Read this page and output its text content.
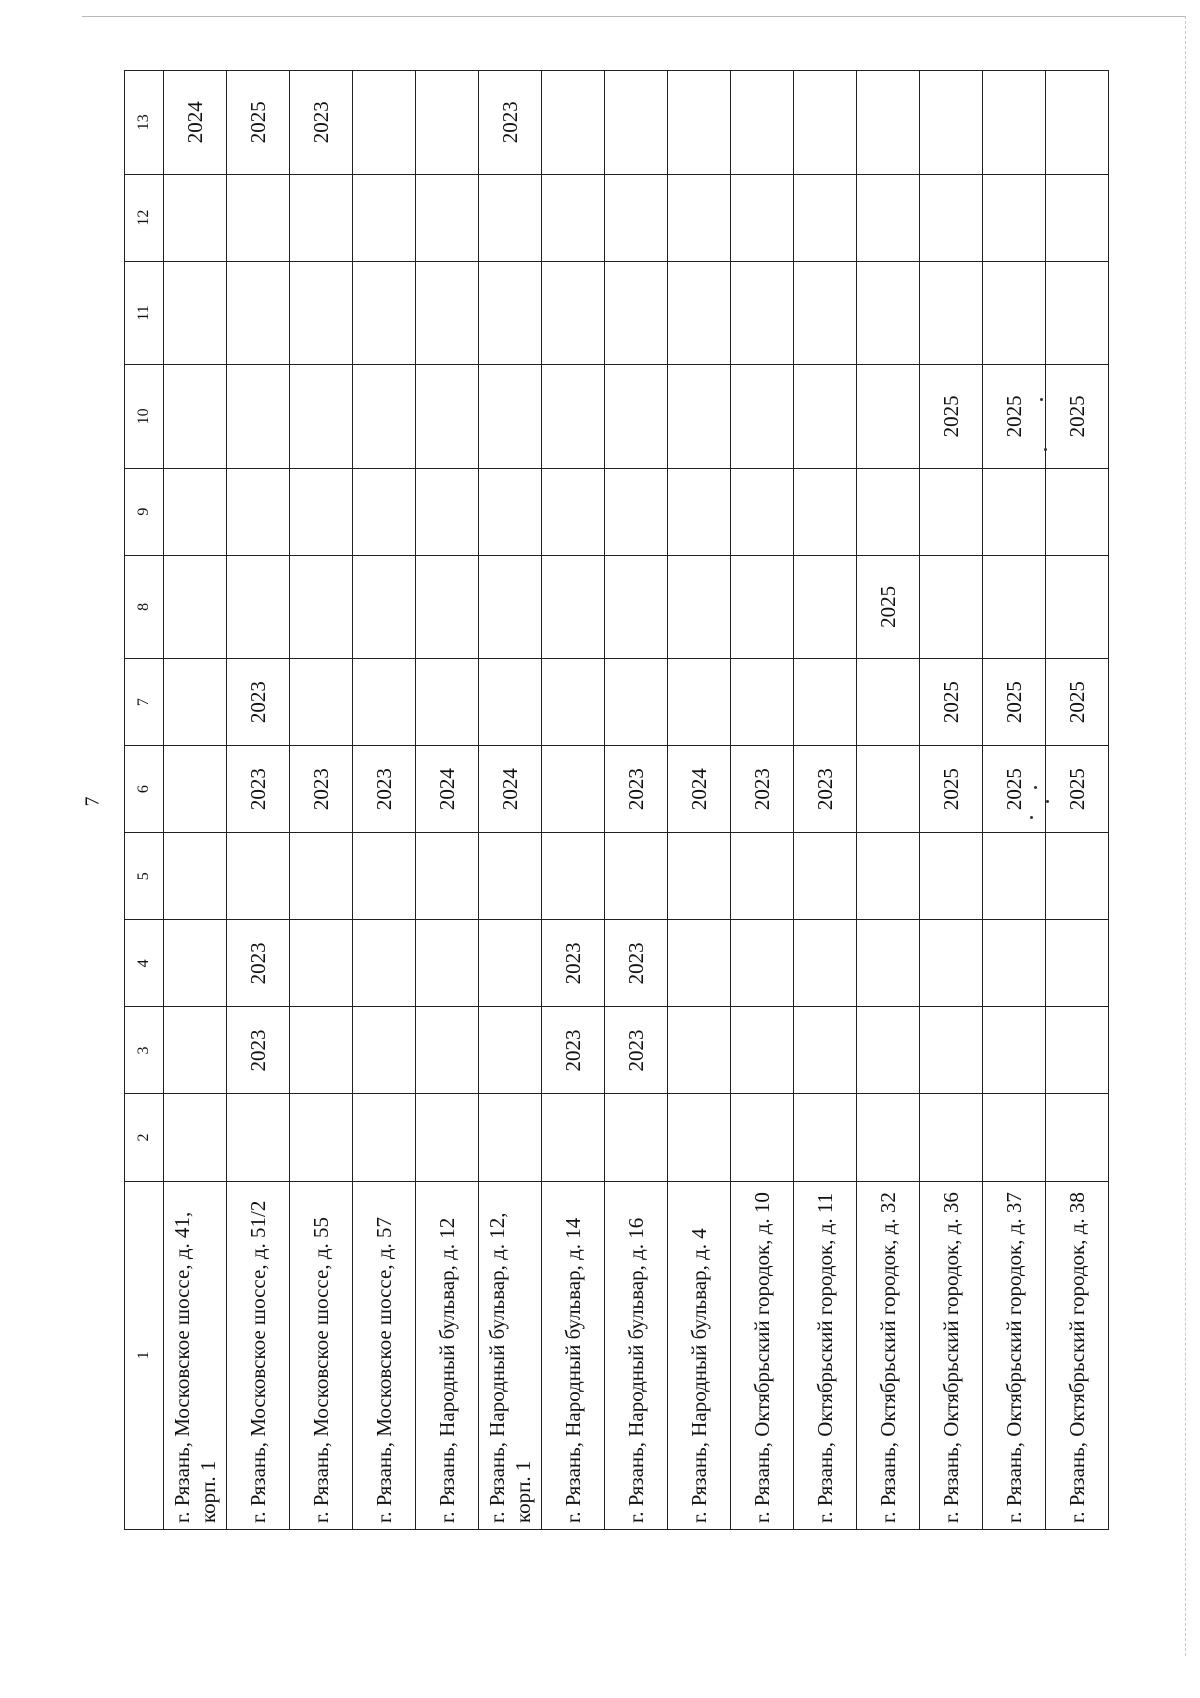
7
1	2	3	4	5	6	7	8	9	10	11	12	13
г. Рязань, Московское шоссе, д. 41, корп. 1												2024
г. Рязань, Московское шоссе, д. 51/2		2023	2023		2023	2023						2025
г. Рязань, Московское шоссе, д. 55					2023							2023
г. Рязань, Московское шоссе, д. 57					2023							
г. Рязань, Народный бульвар, д. 12					2024							
г. Рязань, Народный бульвар, д. 12, корп. 1					2024							2023
г. Рязань, Народный бульвар, д. 14		2023	2023									
г. Рязань, Народный бульвар, д. 16		2023	2023		2023							
г. Рязань, Народный бульвар, д. 4					2024							
г. Рязань, Октябрьский городок, д. 10					2023							
г. Рязань, Октябрьский городок, д. 11					2023							
г. Рязань, Октябрьский городок, д. 32							2025					
г. Рязань, Октябрьский городок, д. 36					2025	2025			2025			
г. Рязань, Октябрьский городок, д. 37					2025	2025			2025			
г. Рязань, Октябрьский городок, д. 38					2025	2025			2025			
